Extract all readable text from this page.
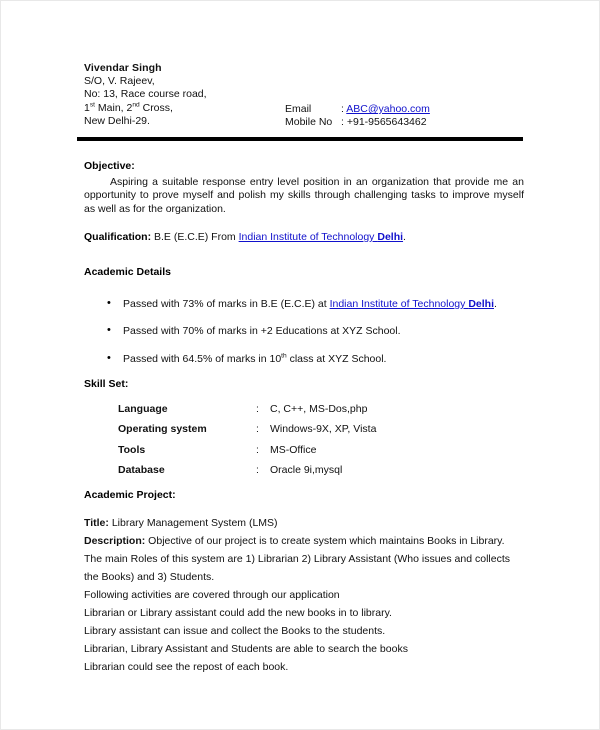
Vivendar Singh
S/O, V. Rajeev,
No: 13, Race course road,
1st Main, 2nd Cross,
New Delhi-29.
Email	: ABC@yahoo.com
Mobile No : +91-9565643462
Objective:
Aspiring a suitable response entry level position in an organization that provide me an opportunity to prove myself and polish my skills through challenging tasks to improve myself as well as for the organization.
Qualification: B.E (E.C.E) From Indian Institute of Technology Delhi.
Academic Details
• Passed with 73% of marks in B.E (E.C.E) at Indian Institute of Technology Delhi.
• Passed with 70% of marks in +2 Educations at XYZ School.
• Passed with 64.5% of marks in 10th class at XYZ School.
Skill Set:
Language	:	C, C++, MS-Dos,php
Operating system	:	Windows-9X, XP, Vista
Tools	:	MS-Office
Database	:	Oracle 9i,mysql
Academic Project:
Title: Library Management System (LMS)
Description: Objective of our project is to create system which maintains Books in Library. The main Roles of this system are 1) Librarian 2) Library Assistant (Who issues and collects the Books) and 3) Students.
Following activities are covered through our application
Librarian or Library assistant could add the new books in to library.
Library assistant can issue and collect the Books to the students.
Librarian, Library Assistant and Students are able to search the books
Librarian could see the repost of each book.
